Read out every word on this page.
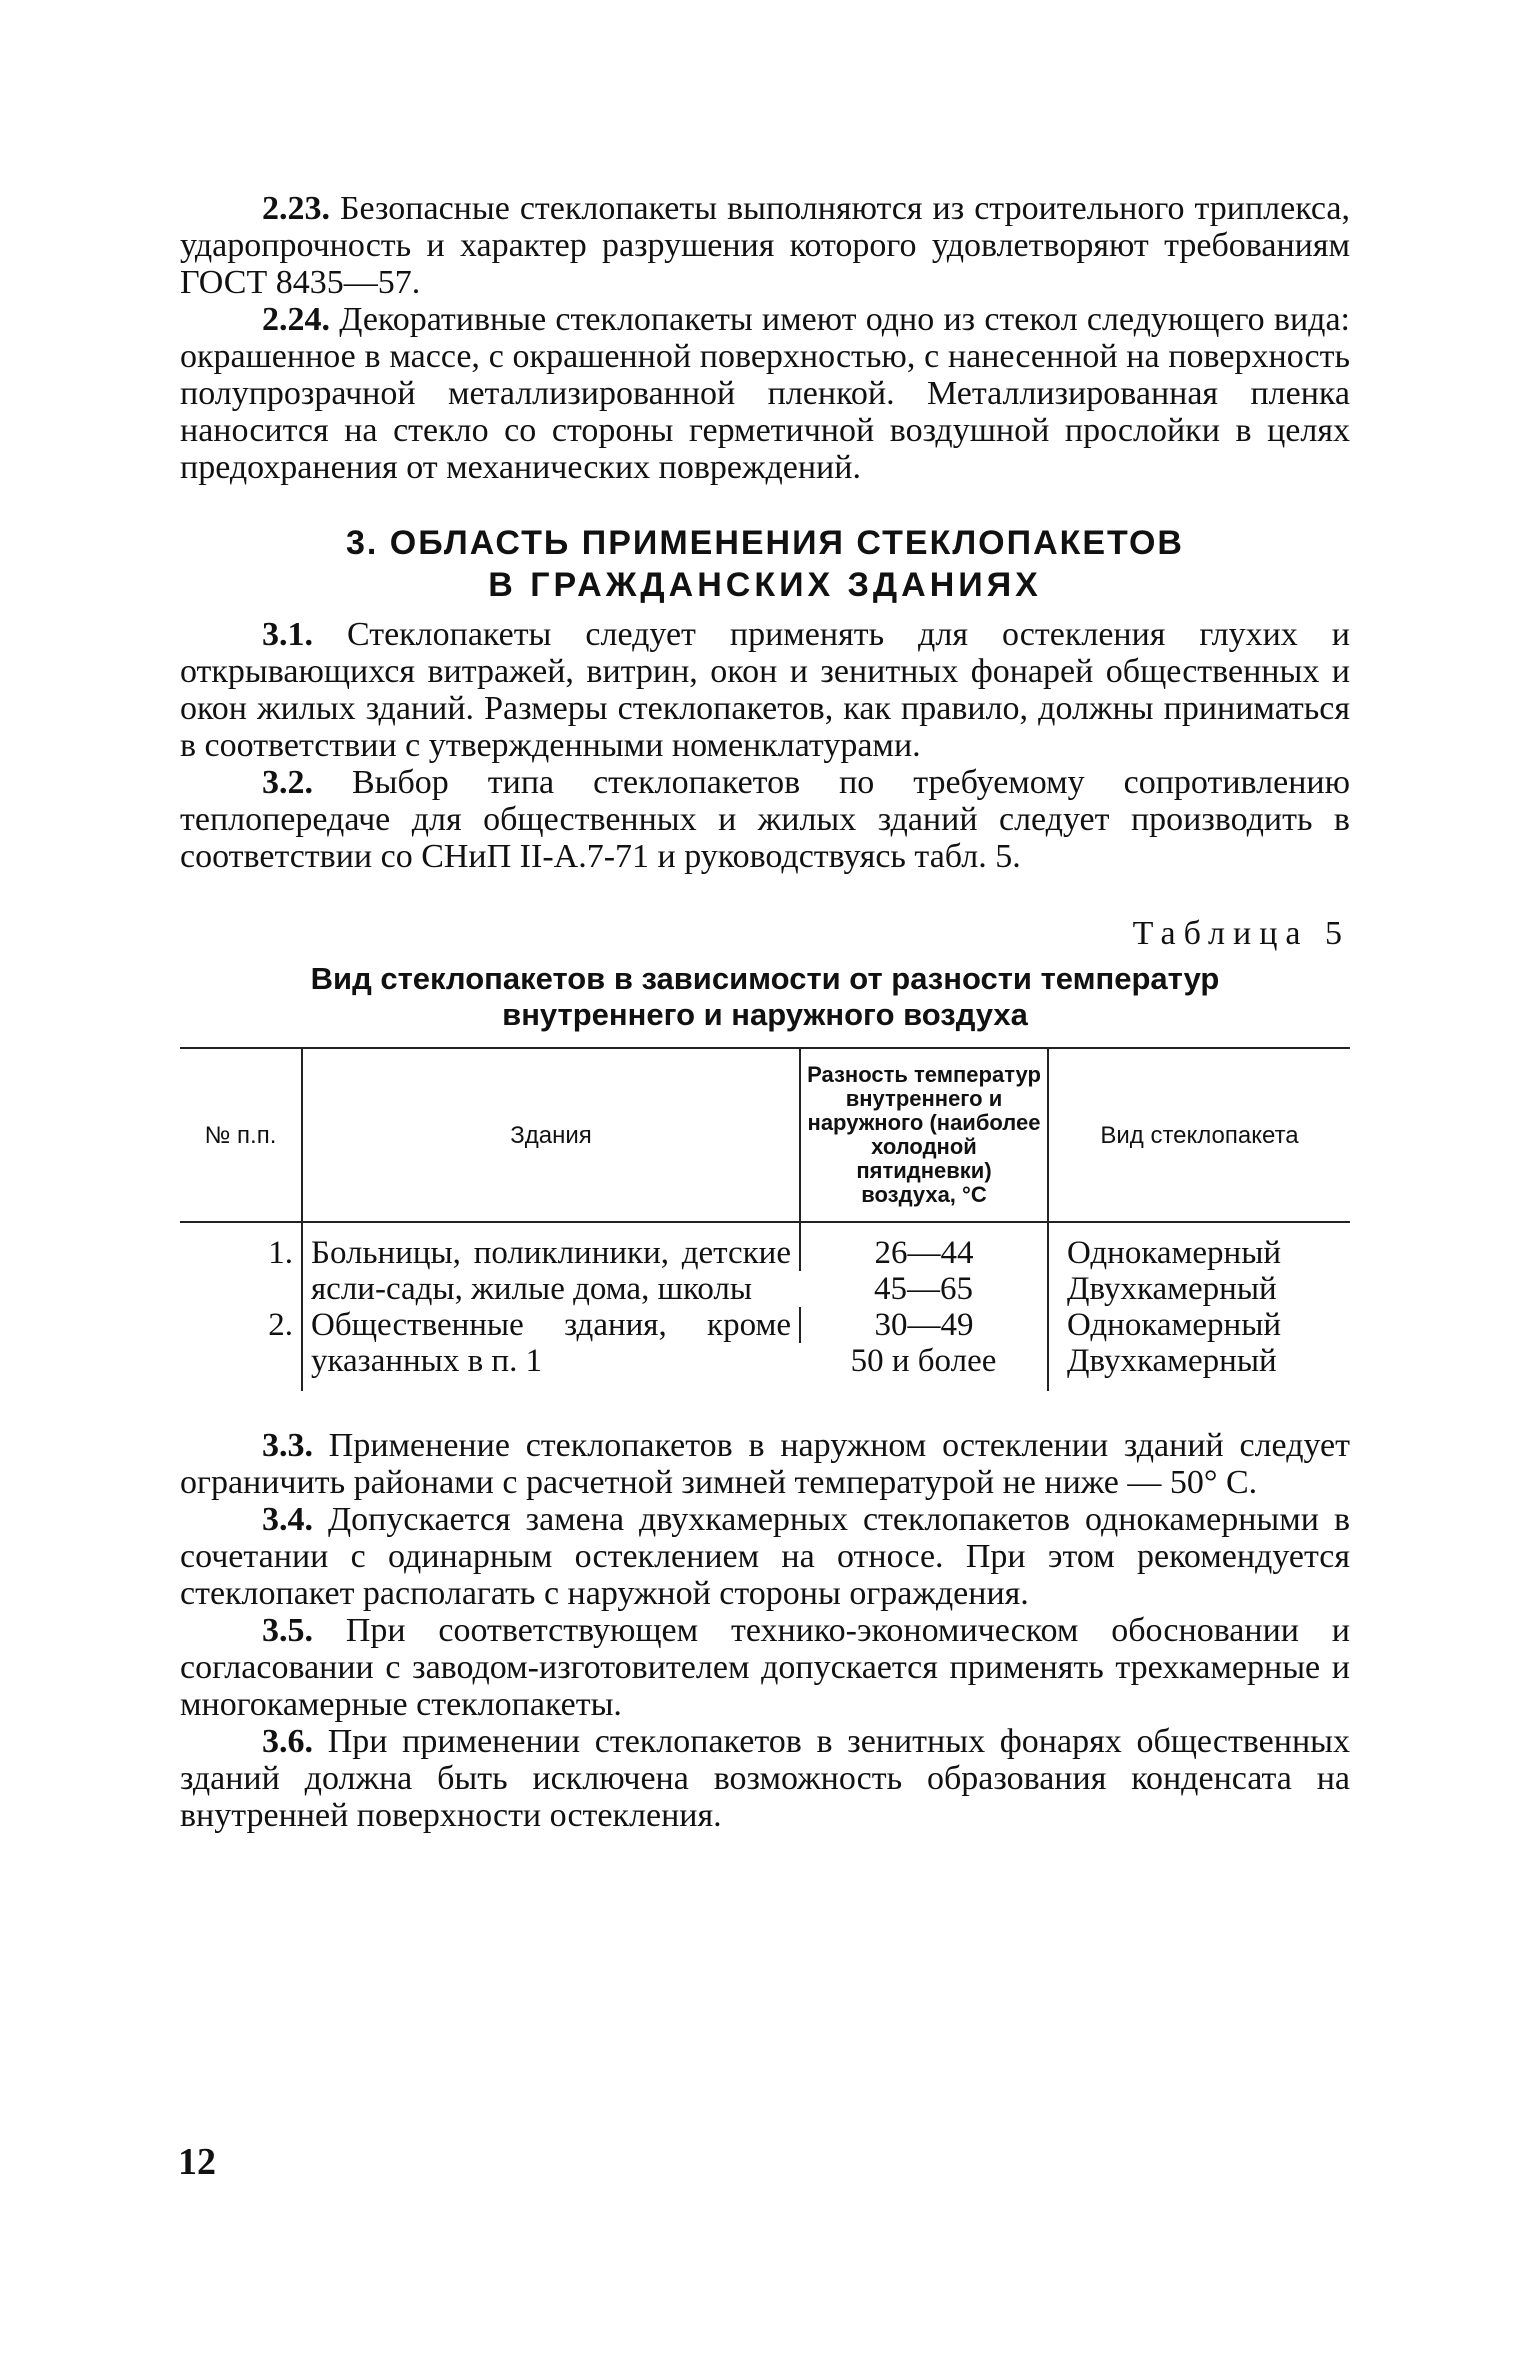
2.23. Безопасные стеклопакеты выполняются из строительного триплекса, ударопрочность и характер разрушения которого удовлетворяют требованиям ГОСТ 8435—57.

2.24. Декоративные стеклопакеты имеют одно из стекол следующего вида: окрашенное в массе, с окрашенной поверхностью, с нанесенной на поверхность полупрозрачной металлизированной пленкой. Металлизированная пленка наносится на стекло со стороны герметичной воздушной прослойки в целях предохранения от механических повреждений.

3. ОБЛАСТЬ ПРИМЕНЕНИЯ СТЕКЛОПАКЕТОВ
В ГРАЖДАНСКИХ ЗДАНИЯХ

3.1. Стеклопакеты следует применять для остекления глухих и открывающихся витражей, витрин, окон и зенитных фонарей общественных и окон жилых зданий. Размеры стеклопакетов, как правило, должны приниматься в соответствии с утвержденными номенклатурами.

3.2. Выбор типа стеклопакетов по требуемому сопротивлению теплопередаче для общественных и жилых зданий следует производить в соответствии со СНиП II-А.7-71 и руководствуясь табл. 5.

Таблица 5
Вид стеклопакетов в зависимости от разности температур
внутреннего и наружного воздуха
№ п.п.	Здания	Разность температур внутреннего и наружного (наиболее холодной пятидневки) воздуха, °С	Вид стеклопакета
1.	Больницы, поликлиники, детские ясли-сады, жилые дома, школы	26—44	Однокамерный
		45—65	Двухкамерный
2.	Общественные здания, кроме указанных в п. 1	30—49	Однокамерный
		50 и более	Двухкамерный

3.3. Применение стеклопакетов в наружном остеклении зданий следует ограничить районами с расчетной зимней температурой не ниже — 50° С.

3.4. Допускается замена двухкамерных стеклопакетов однокамерными в сочетании с одинарным остеклением на относе. При этом рекомендуется стеклопакет располагать с наружной стороны ограждения.

3.5. При соответствующем технико-экономическом обосновании и согласовании с заводом-изготовителем допускается применять трехкамерные и многокамерные стеклопакеты.

3.6. При применении стеклопакетов в зенитных фонарях общественных зданий должна быть исключена возможность образования конденсата на внутренней поверхности остекления.

12
